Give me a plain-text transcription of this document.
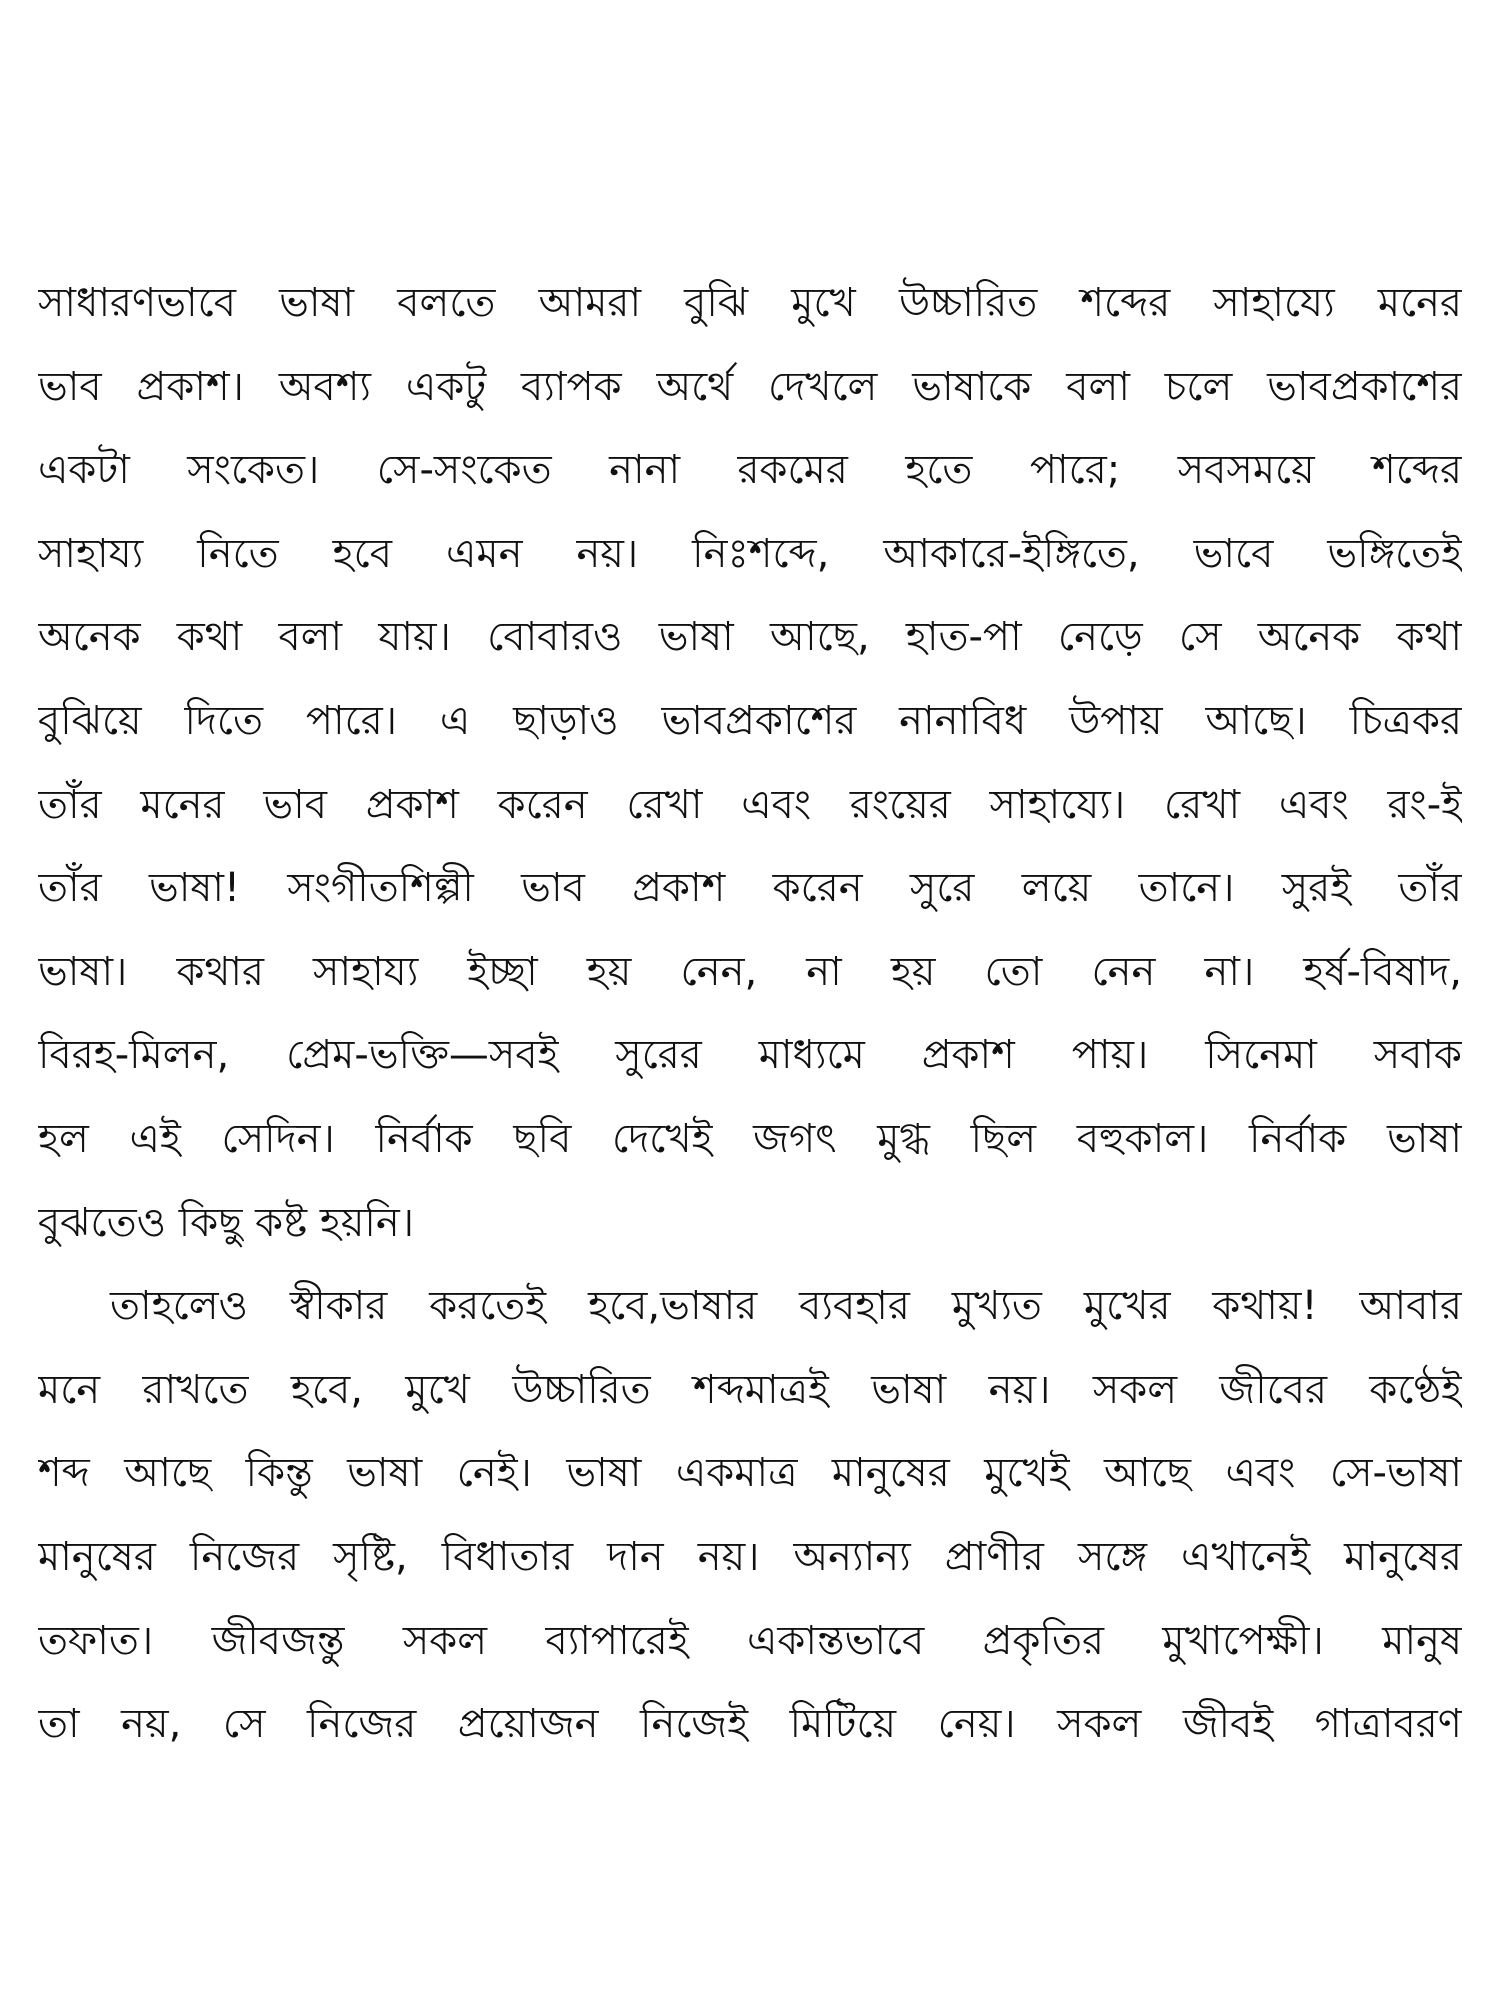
সাধারণভাবে ভাষা বলতে আমরা বুঝি মুখে উচ্চারিত শব্দের সাহায্যে মনের
ভাব প্রকাশ। অবশ্য একটু ব্যাপক অর্থে দেখলে ভাষাকে বলা চলে ভাবপ্রকাশের
একটা সংকেত। সে-সংকেত নানা রকমের হতে পারে; সবসময়ে শব্দের
সাহায্য নিতে হবে এমন নয়। নিঃশব্দে, আকারে-ইঙ্গিতে, ভাবে ভঙ্গিতেই
অনেক কথা বলা যায়। বোবারও ভাষা আছে, হাত-পা নেড়ে সে অনেক কথা
বুঝিয়ে দিতে পারে। এ ছাড়াও ভাবপ্রকাশের নানাবিধ উপায় আছে। চিত্রকর
তাঁর মনের ভাব প্রকাশ করেন রেখা এবং রংয়ের সাহায্যে। রেখা এবং রং-ই
তাঁর ভাষা! সংগীতশিল্পী ভাব প্রকাশ করেন সুরে লয়ে তানে। সুরই তাঁর
ভাষা। কথার সাহায্য ইচ্ছা হয় নেন, না হয় তো নেন না। হর্ষ-বিষাদ,
বিরহ-মিলন, প্রেম-ভক্তি—সবই সুরের মাধ্যমে প্রকাশ পায়। সিনেমা সবাক
হল এই সেদিন। নির্বাক ছবি দেখেই জগৎ মুগ্ধ ছিল বহুকাল। নির্বাক ভাষা
বুঝতেও কিছু কষ্ট হয়নি।
তাহলেও স্বীকার করতেই হবে,ভাষার ব্যবহার মুখ্যত মুখের কথায়! আবার
মনে রাখতে হবে, মুখে উচ্চারিত শব্দমাত্রই ভাষা নয়। সকল জীবের কণ্ঠেই
শব্দ আছে কিন্তু ভাষা নেই। ভাষা একমাত্র মানুষের মুখেই আছে এবং সে-ভাষা
মানুষের নিজের সৃষ্টি, বিধাতার দান নয়। অন্যান্য প্রাণীর সঙ্গে এখানেই মানুষের
তফাত। জীবজন্তু সকল ব্যাপারেই একান্তভাবে প্রকৃতির মুখাপেক্ষী। মানুষ
তা নয়, সে নিজের প্রয়োজন নিজেই মিটিয়ে নেয়। সকল জীবই গাত্রাবরণ
